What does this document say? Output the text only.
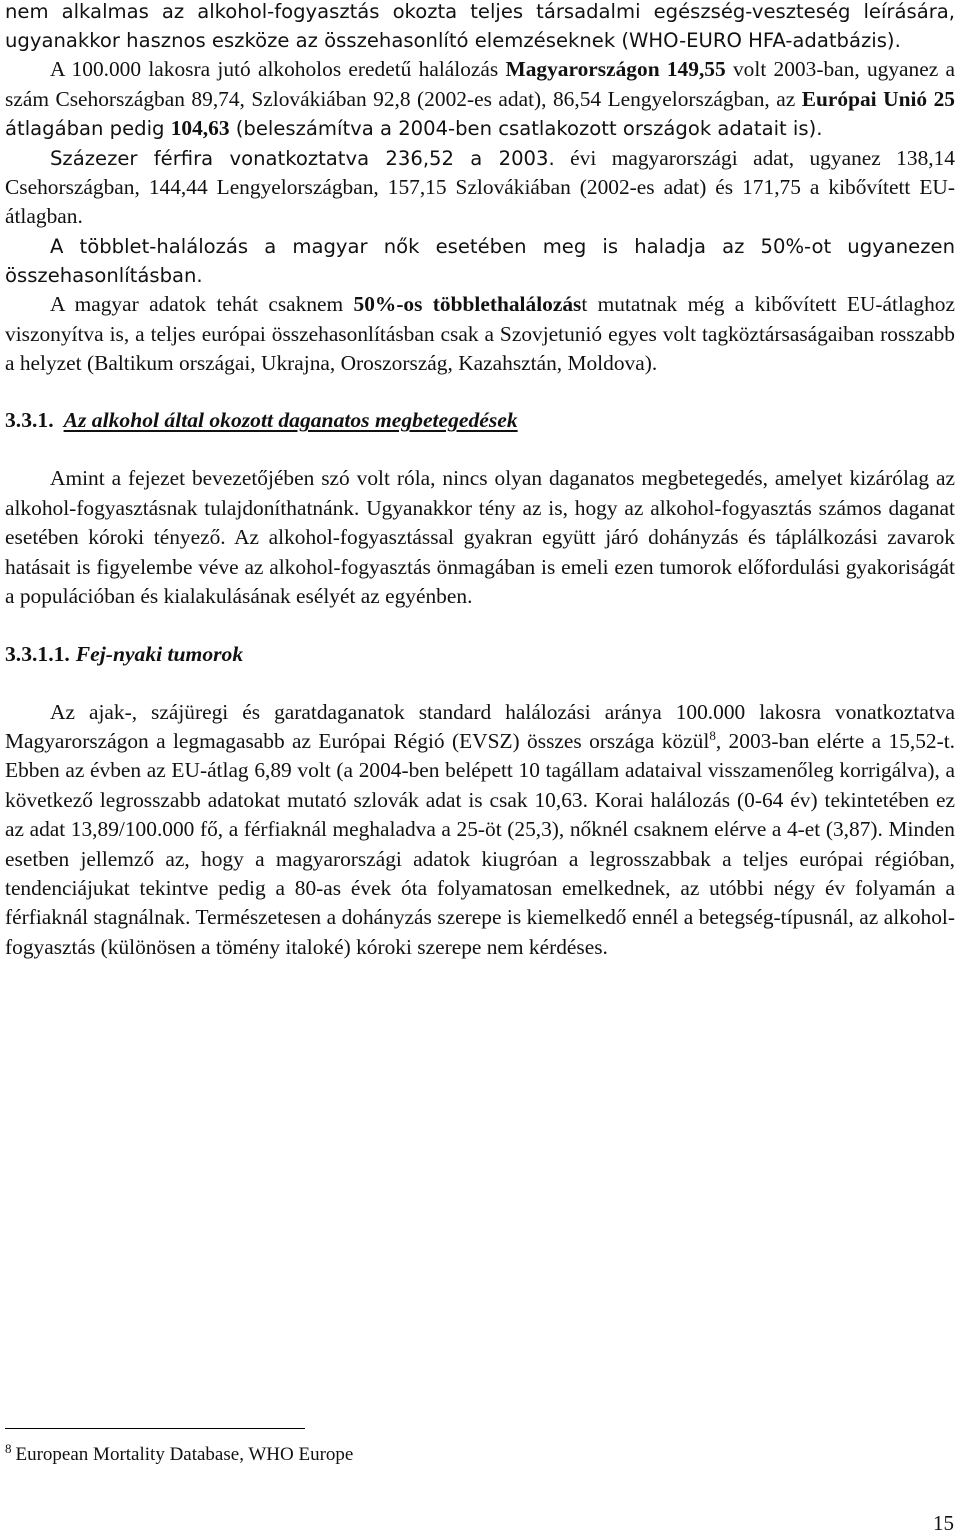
nem alkalmas az alkohol-fogyasztás okozta teljes társadalmi egészség-veszteség leírására, ugyanakkor hasznos eszköze az összehasonlító elemzéseknek (WHO-EURO HFA-adatbázis).

A 100.000 lakosra jutó alkoholos eredetű halálozás Magyarországon 149,55 volt 2003-ban, ugyanez a szám Csehországban 89,74, Szlovákiában 92,8 (2002-es adat), 86,54 Lengyelországban, az Európai Unió 25 átlagában pedig 104,63 (beleszámítva a 2004-ben csatlakozott országok adatait is).

Százezer férfira vonatkoztatva 236,52 a 2003. évi magyarországi adat, ugyanez 138,14 Csehországban, 144,44 Lengyelországban, 157,15 Szlovákiában (2002-es adat) és 171,75 a kibővített EU-átlagban.

A többlet-halálozás a magyar nők esetében meg is haladja az 50%-ot ugyanezen összehasonlításban.

A magyar adatok tehát csaknem 50%-os többlethalálozást mutatnak még a kibővített EU-átlaghoz viszonyítva is, a teljes európai összehasonlításban csak a Szovjetunió egyes volt tagköztársaságaiban rosszabb a helyzet (Baltikum országai, Ukrajna, Oroszország, Kazahsztán, Moldova).

3.3.1. Az alkohol által okozott daganatos megbetegedések

Amint a fejezet bevezetőjében szó volt róla, nincs olyan daganatos megbetegedés, amelyet kizárólag az alkohol-fogyasztásnak tulajdoníthatnánk. Ugyanakkor tény az is, hogy az alkohol-fogyasztás számos daganat esetében kóroki tényező. Az alkohol-fogyasztással gyakran együtt járó dohányzás és táplálkozási zavarok hatásait is figyelembe véve az alkohol-fogyasztás önmagában is emeli ezen tumorok előfordulási gyakoriságát a populációban és kialakulásának esélyét az egyénben.

3.3.1.1. Fej-nyaki tumorok

Az ajak-, szájüregi és garatdaganatok standard halálozási aránya 100.000 lakosra vonatkoztatva Magyarországon a legmagasabb az Európai Régió (EVSZ) összes országa közül$^8$, 2003-ban elérte a 15,52-t. Ebben az évben az EU-átlag 6,89 volt (a 2004-ben belépett 10 tagállam adataival visszamenőleg korrigálva), a következő legrosszabb adatokat mutató szlovák adat is csak 10,63. Korai halálozás (0-64 év) tekintetében ez az adat 13,89/100.000 fő, a férfiaknál meghaladva a 25-öt (25,3), nőknél csaknem elérve a 4-et (3,87). Minden esetben jellemző az, hogy a magyarországi adatok kiugróan a legrosszabbak a teljes európai régióban, tendenciájukat tekintve pedig a 80-as évek óta folyamatosan emelkednek, az utóbbi négy év folyamán a férfiaknál stagnálnak. Természetesen a dohányzás szerepe is kiemelkedő ennél a betegség-típusnál, az alkohol-fogyasztás (különösen a tömény italoké) kóroki szerepe nem kérdéses.

$^8$ European Mortality Database, WHO Europe
15
